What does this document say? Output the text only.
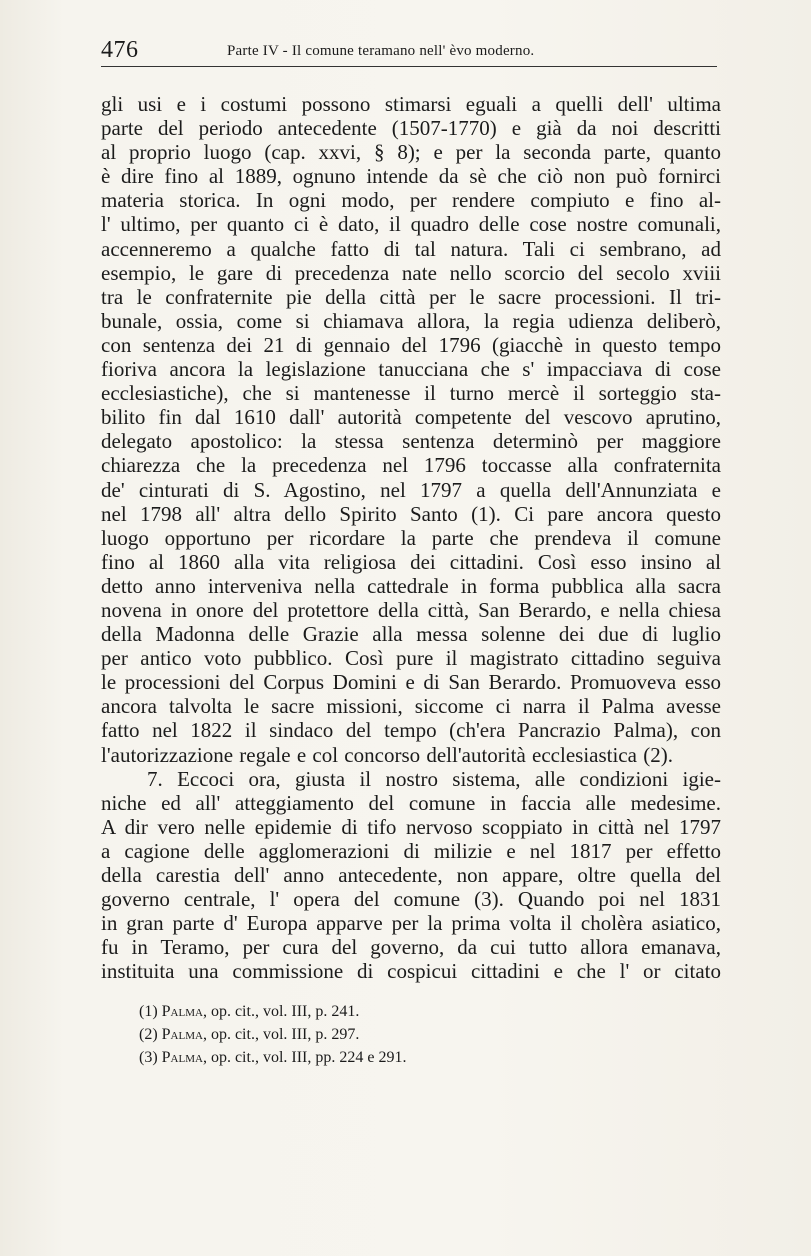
476	Parte IV - Il comune teramano nell' èvo moderno.
gli usi e i costumi possono stimarsi eguali a quelli dell' ultima
parte del periodo antecedente (1507-1770) e già da noi descritti
al proprio luogo (cap. xxvi, § 8); e per la seconda parte, quanto
è dire fino al 1889, ognuno intende da sè che ciò non può fornirci
materia storica. In ogni modo, per rendere compiuto e fino al-
l' ultimo, per quanto ci è dato, il quadro delle cose nostre comunali,
accenneremo a qualche fatto di tal natura. Tali ci sembrano, ad
esempio, le gare di precedenza nate nello scorcio del secolo xviii
tra le confraternite pie della città per le sacre processioni. Il tri-
bunale, ossia, come si chiamava allora, la regia udienza deliberò,
con sentenza dei 21 di gennaio del 1796 (giacchè in questo tempo
fioriva ancora la legislazione tanucciana che s' impacciava di cose
ecclesiastiche), che si mantenesse il turno mercè il sorteggio sta-
bilito fin dal 1610 dall' autorità competente del vescovo aprutino,
delegato apostolico: la stessa sentenza determinò per maggiore
chiarezza che la precedenza nel 1796 toccasse alla confraternita
de' cinturati di S. Agostino, nel 1797 a quella dell'Annunziata e
nel 1798 all' altra dello Spirito Santo (1). Ci pare ancora questo
luogo opportuno per ricordare la parte che prendeva il comune
fino al 1860 alla vita religiosa dei cittadini. Così esso insino al
detto anno interveniva nella cattedrale in forma pubblica alla sacra
novena in onore del protettore della città, San Berardo, e nella chiesa
della Madonna delle Grazie alla messa solenne dei due di luglio
per antico voto pubblico. Così pure il magistrato cittadino seguiva
le processioni del Corpus Domini e di San Berardo. Promuoveva esso
ancora talvolta le sacre missioni, siccome ci narra il Palma avesse
fatto nel 1822 il sindaco del tempo (ch'era Pancrazio Palma), con
l'autorizzazione regale e col concorso dell'autorità ecclesiastica (2).
7. Eccoci ora, giusta il nostro sistema, alle condizioni igie-
niche ed all' atteggiamento del comune in faccia alle medesime.
A dir vero nelle epidemie di tifo nervoso scoppiato in città nel 1797
a cagione delle agglomerazioni di milizie e nel 1817 per effetto
della carestia dell' anno antecedente, non appare, oltre quella del
governo centrale, l' opera del comune (3). Quando poi nel 1831
in gran parte d' Europa apparve per la prima volta il cholèra asiatico,
fu in Teramo, per cura del governo, da cui tutto allora emanava,
instituita una commissione di cospicui cittadini e che l' or citato
(1) Palma, op. cit., vol. III, p. 241.
(2) Palma, op. cit., vol. III, p. 297.
(3) Palma, op. cit., vol. III, pp. 224 e 291.
